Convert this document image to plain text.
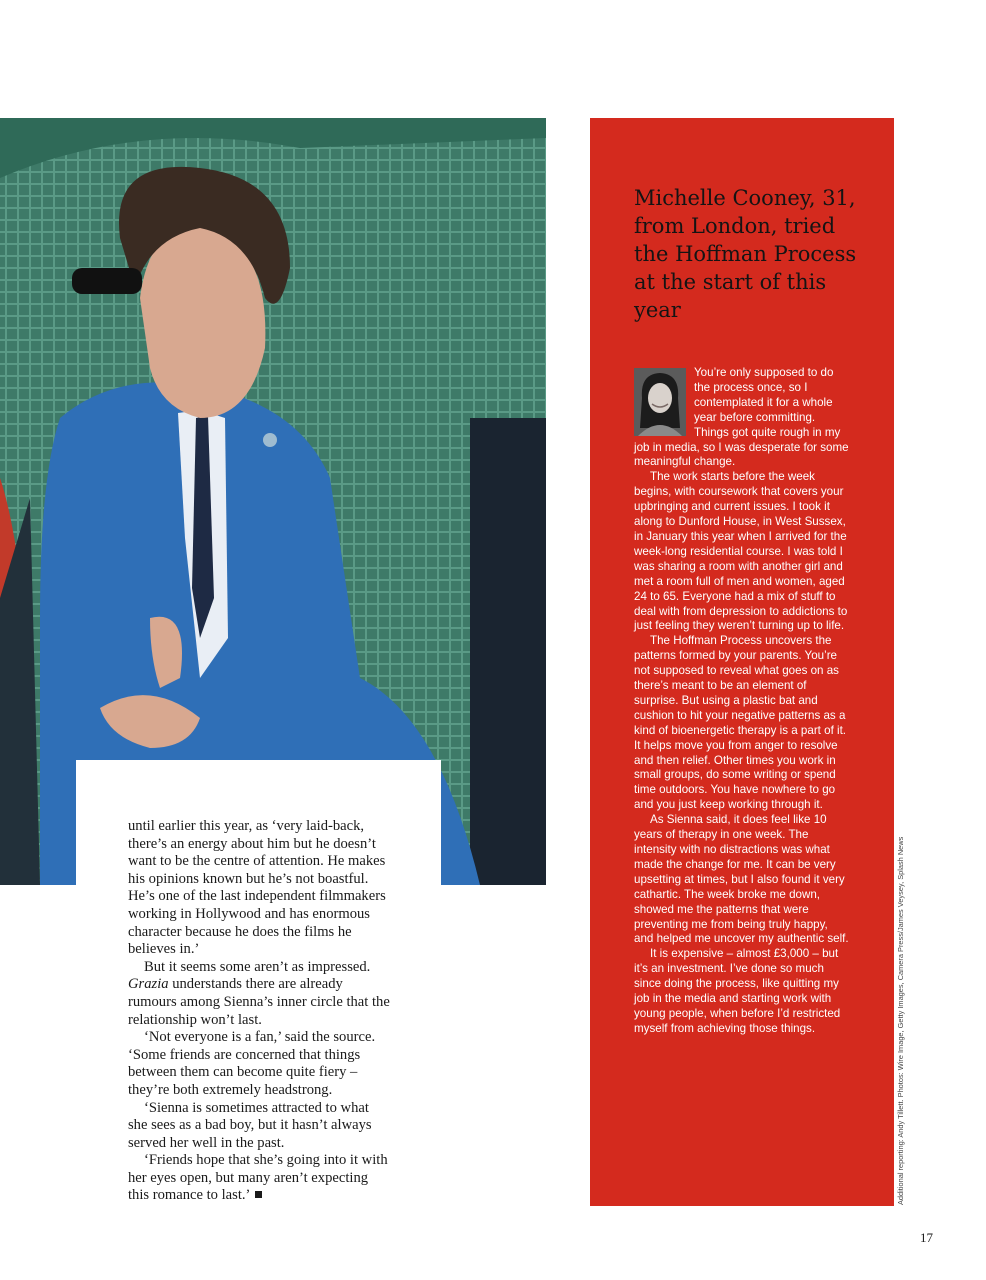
until earlier this year, as ‘very laid-back, there’s an energy about him but he doesn’t want to be the centre of attention. He makes his opinions known but he’s not boastful. He’s one of the last independent filmmakers working in Hollywood and has enormous character because he does the films he believes in.’

But it seems some aren’t as impressed. Grazia understands there are already rumours among Sienna’s inner circle that the relationship won’t last.

‘Not everyone is a fan,’ said the source. ‘Some friends are concerned that things between them can become quite fiery – they’re both extremely headstrong.

‘Sienna is sometimes attracted to what she sees as a bad boy, but it hasn’t always served her well in the past.

‘Friends hope that she’s going into it with her eyes open, but many aren’t expecting this romance to last.’

Michelle Cooney, 31, from London, tried the Hoffman Process at the start of this year

You’re only supposed to do the process once, so I contemplated it for a whole year before committing. Things got quite rough in my job in media, so I was desperate for some meaningful change.

The work starts before the week begins, with coursework that covers your upbringing and current issues. I took it along to Dunford House, in West Sussex, in January this year when I arrived for the week-long residential course. I was told I was sharing a room with another girl and met a room full of men and women, aged 24 to 65. Everyone had a mix of stuff to deal with from depression to addictions to just feeling they weren’t turning up to life.

The Hoffman Process uncovers the patterns formed by your parents. You’re not supposed to reveal what goes on as there’s meant to be an element of surprise. But using a plastic bat and cushion to hit your negative patterns as a kind of bioenergetic therapy is a part of it. It helps move you from anger to resolve and then relief. Other times you work in small groups, do some writing or spend time outdoors. You have nowhere to go and you just keep working through it.

As Sienna said, it does feel like 10 years of therapy in one week. The intensity with no distractions was what made the change for me. It can be very upsetting at times, but I also found it very cathartic. The week broke me down, showed me the patterns that were preventing me from being truly happy, and helped me uncover my authentic self.

It is expensive – almost £3,000 – but it’s an investment. I’ve done so much since doing the process, like quitting my job in the media and starting work with young people, when before I’d restricted myself from achieving those things.	Additional reporting: Andy Tillett. Photos: Wire Image, Getty Images, Camera Press/James Veysey, Splash News
17
